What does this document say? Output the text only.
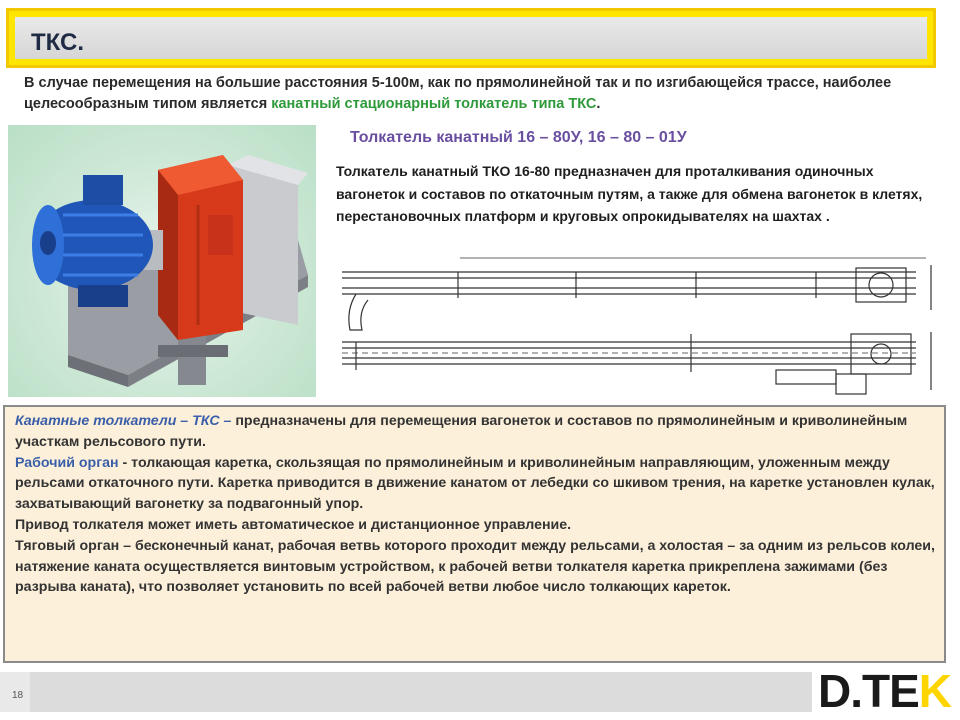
ТКС.
В случае перемещения на большие расстояния 5-100м, как по прямолинейной так и по изгибающейся трассе, наиболее целесообразным типом является канатный стационарный толкатель типа ТКС.
Толкатель канатный 16 – 80У, 16 – 80 – 01У
Толкатель канатный ТКО 16-80 предназначен для проталкивания одиночных вагонеток и составов по откаточным путям, а также для обмена вагонеток в клетях, перестановочных платформ и круговых опрокидывателях на шахтах .
Канатные толкатели – ТКС – предназначены для перемещения вагонеток и составов по прямолинейным и криволинейным участкам рельсового пути.
Рабочий орган - толкающая каретка, скользящая по прямолинейным и криволинейным направляющим, уложенным между рельсами откаточного пути. Каретка приводится в движение канатом от лебедки со шкивом трения, на каретке установлен кулак, захватывающий вагонетку за подвагонный упор.
Привод толкателя может иметь автоматическое и дистанционное управление.
Тяговый орган – бесконечный канат, рабочая ветвь которого проходит между рельсами, а холостая – за одним из рельсов колеи, натяжение каната осуществляется винтовым устройством, к рабочей ветви толкателя каретка прикреплена зажимами (без разрыва каната), что позволяет установить по всей рабочей ветви любое число толкающих кареток.
18	D.TEK
